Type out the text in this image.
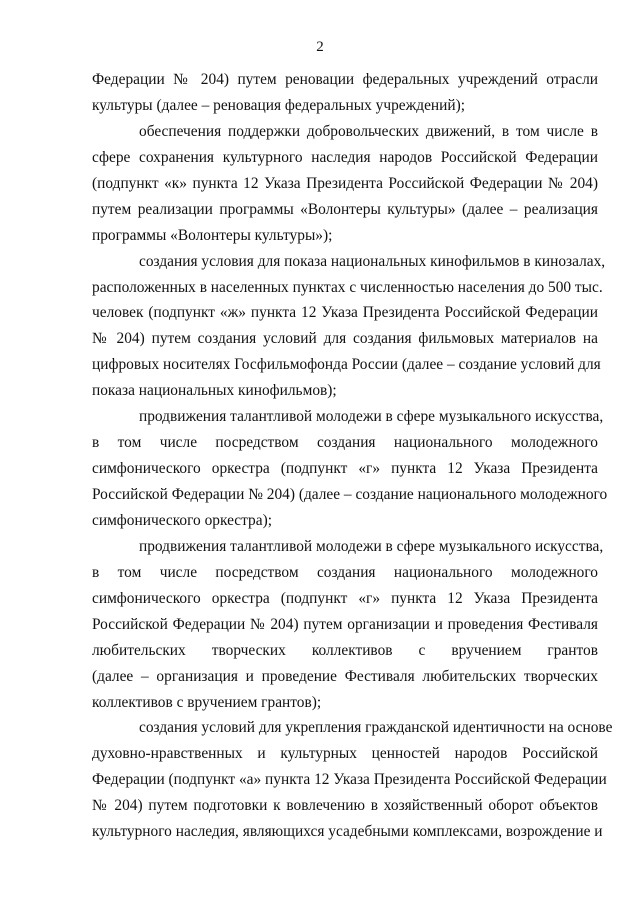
2
Федерации № 204) путем реновации федеральных учреждений отрасли
культуры (далее – реновация федеральных учреждений);
обеспечения поддержки добровольческих движений, в том числе в
сфере сохранения культурного наследия народов Российской Федерации
(подпункт «к» пункта 12 Указа Президента Российской Федерации № 204)
путем реализации программы «Волонтеры культуры» (далее – реализация
программы «Волонтеры культуры»);
создания условия для показа национальных кинофильмов в кинозалах,
расположенных в населенных пунктах с численностью населения до 500 тыс.
человек (подпункт «ж» пункта 12 Указа Президента Российской Федерации
№ 204) путем создания условий для создания фильмовых материалов на
цифровых носителях Госфильмофонда России (далее – создание условий для
показа национальных кинофильмов);
продвижения талантливой молодежи в сфере музыкального искусства,
в том числе посредством создания национального молодежного
симфонического оркестра (подпункт «г» пункта 12 Указа Президента
Российской Федерации № 204) (далее – создание национального молодежного
симфонического оркестра);
продвижения талантливой молодежи в сфере музыкального искусства,
в том числе посредством создания национального молодежного
симфонического оркестра (подпункт «г» пункта 12 Указа Президента
Российской Федерации № 204) путем организации и проведения Фестиваля
любительских творческих коллективов с вручением грантов
(далее – организация и проведение Фестиваля любительских творческих
коллективов с вручением грантов);
создания условий для укрепления гражданской идентичности на основе
духовно-нравственных и культурных ценностей народов Российской
Федерации (подпункт «а» пункта 12 Указа Президента Российской Федерации
№ 204) путем подготовки к вовлечению в хозяйственный оборот объектов
культурного наследия, являющихся усадебными комплексами, возрождение и
